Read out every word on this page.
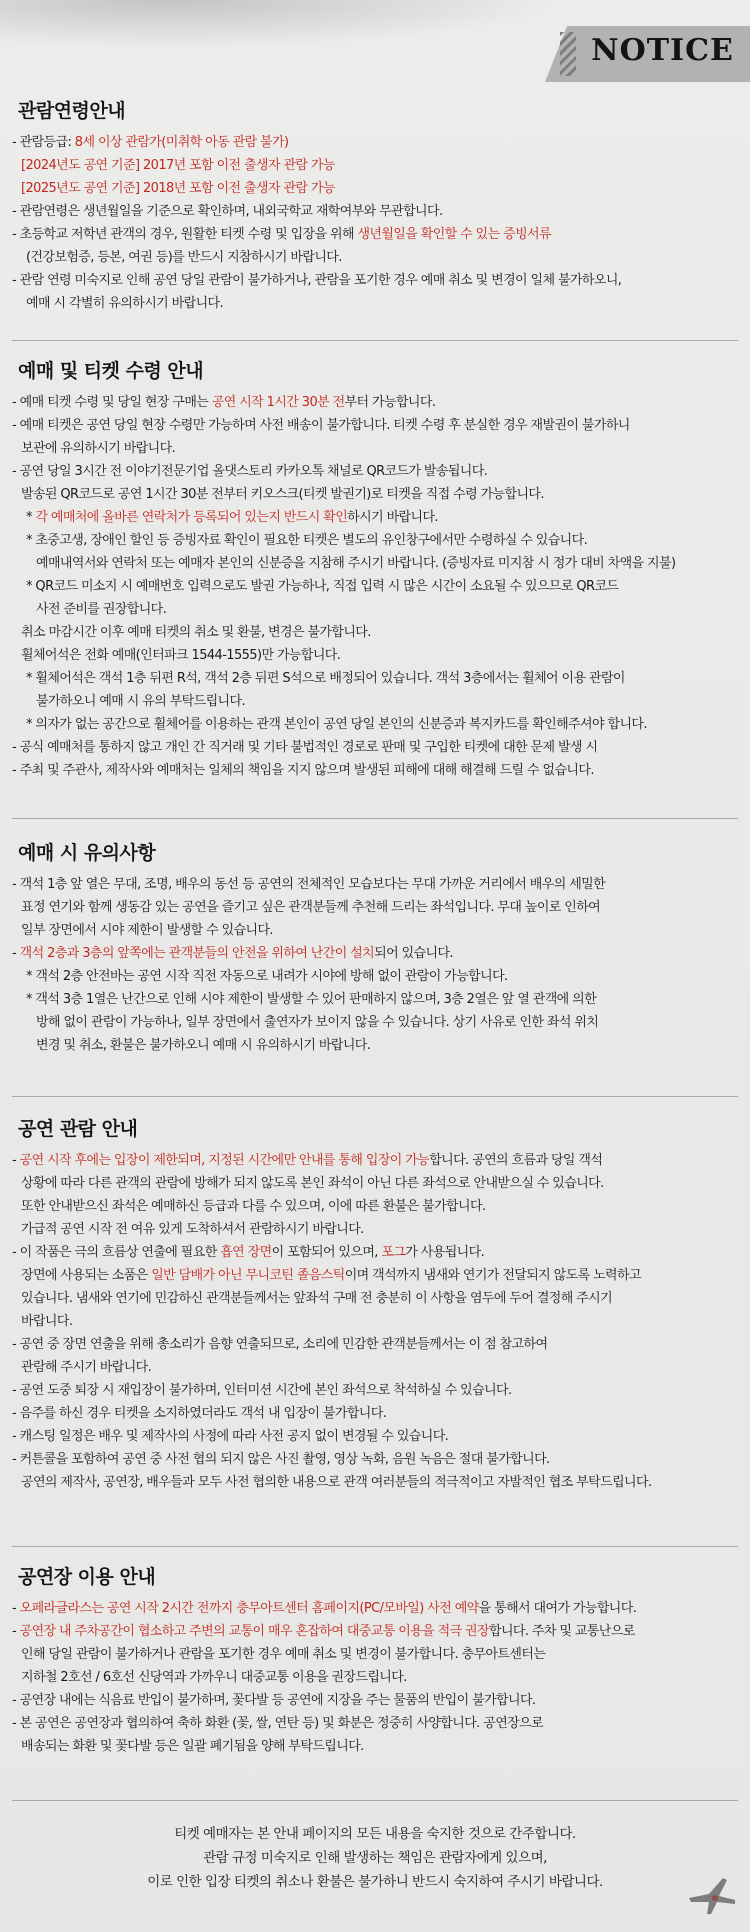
NOTICE
관람연령안내
- 관람등급: 8세 이상 관람가(미취학 아동 관람 불가)
[2024년도 공연 기준] 2017년 포함 이전 출생자 관람 가능
[2025년도 공연 기준] 2018년 포함 이전 출생자 관람 가능
- 관람연령은 생년월일을 기준으로 확인하며, 내외국학교 재학여부와 무관합니다.
- 초등학교 저학년 관객의 경우, 원활한 티켓 수령 및 입장을 위해 생년월일을 확인할 수 있는 증빙서류
(건강보험증, 등본, 여권 등)를 반드시 지참하시기 바랍니다.
- 관람 연령 미숙지로 인해 공연 당일 관람이 불가하거나, 관람을 포기한 경우 예매 취소 및 변경이 일체 불가하오니,
예매 시 각별히 유의하시기 바랍니다.
예매 및 티켓 수령 안내
- 예매 티켓 수령 및 당일 현장 구매는 공연 시작 1시간 30분 전부터 가능합니다.
- 예매 티켓은 공연 당일 현장 수령만 가능하며 사전 배송이 불가합니다. 티켓 수령 후 분실한 경우 재발권이 불가하니
보관에 유의하시기 바랍니다.
- 공연 당일 3시간 전 이야기전문기업 올댓스토리 카카오톡 채널로 QR코드가 발송됩니다.
발송된 QR코드로 공연 1시간 30분 전부터 키오스크(티켓 발권기)로 티켓을 직접 수령 가능합니다.
* 각 예매처에 올바른 연락처가 등록되어 있는지 반드시 확인하시기 바랍니다.
* 초중고생, 장애인 할인 등 증빙자료 확인이 필요한 티켓은 별도의 유인창구에서만 수령하실 수 있습니다.
예매내역서와 연락처 또는 예매자 본인의 신분증을 지참해 주시기 바랍니다. (증빙자료 미지참 시 정가 대비 차액을 지불)
* QR코드 미소지 시 예매번호 입력으로도 발권 가능하나, 직접 입력 시 많은 시간이 소요될 수 있으므로 QR코드
사전 준비를 권장합니다.
취소 마감시간 이후 예매 티켓의 취소 및 환불, 변경은 불가합니다.
휠체어석은 전화 예매(인터파크 1544-1555)만 가능합니다.
* 휠체어석은 객석 1층 뒤편 R석, 객석 2층 뒤편 S석으로 배정되어 있습니다. 객석 3층에서는 휠체어 이용 관람이
불가하오니 예매 시 유의 부탁드립니다.
* 의자가 없는 공간으로 휠체어를 이용하는 관객 본인이 공연 당일 본인의 신분증과 복지카드를 확인해주셔야 합니다.
- 공식 예매처를 통하지 않고 개인 간 직거래 및 기타 불법적인 경로로 판매 및 구입한 티켓에 대한 문제 발생 시
- 주최 및 주관사, 제작사와 예매처는 일체의 책임을 지지 않으며 발생된 피해에 대해 해결해 드릴 수 없습니다.
예매 시 유의사항
- 객석 1층 앞 열은 무대, 조명, 배우의 동선 등 공연의 전체적인 모습보다는 무대 가까운 거리에서 배우의 세밀한
표정 연기와 함께 생동감 있는 공연을 즐기고 싶은 관객분들께 추천해 드리는 좌석입니다. 무대 높이로 인하여
일부 장면에서 시야 제한이 발생할 수 있습니다.
- 객석 2층과 3층의 앞쪽에는 관객분들의 안전을 위하여 난간이 설치되어 있습니다.
* 객석 2층 안전바는 공연 시작 직전 자동으로 내려가 시야에 방해 없이 관람이 가능합니다.
* 객석 3층 1열은 난간으로 인해 시야 제한이 발생할 수 있어 판매하지 않으며, 3층 2열은 앞 열 관객에 의한
방해 없이 관람이 가능하나, 일부 장면에서 출연자가 보이지 않을 수 있습니다. 상기 사유로 인한 좌석 위치
변경 및 취소, 환불은 불가하오니 예매 시 유의하시기 바랍니다.
공연 관람 안내
- 공연 시작 후에는 입장이 제한되며, 지정된 시간에만 안내를 통해 입장이 가능합니다. 공연의 흐름과 당일 객석
상황에 따라 다른 관객의 관람에 방해가 되지 않도록 본인 좌석이 아닌 다른 좌석으로 안내받으실 수 있습니다.
또한 안내받으신 좌석은 예매하신 등급과 다를 수 있으며, 이에 따른 환불은 불가합니다.
가급적 공연 시작 전 여유 있게 도착하셔서 관람하시기 바랍니다.
- 이 작품은 극의 흐름상 연출에 필요한 흡연 장면이 포함되어 있으며, 포그가 사용됩니다.
장면에 사용되는 소품은 일반 담배가 아닌 무니코틴 졸음스틱이며 객석까지 냄새와 연기가 전달되지 않도록 노력하고
있습니다. 냄새와 연기에 민감하신 관객분들께서는 앞좌석 구매 전 충분히 이 사항을 염두에 두어 결정해 주시기
바랍니다.
- 공연 중 장면 연출을 위해 총소리가 음향 연출되므로, 소리에 민감한 관객분들께서는 이 점 참고하여
관람해 주시기 바랍니다.
- 공연 도중 퇴장 시 재입장이 불가하며, 인터미션 시간에 본인 좌석으로 착석하실 수 있습니다.
- 음주를 하신 경우 티켓을 소지하였더라도 객석 내 입장이 불가합니다.
- 캐스팅 일정은 배우 및 제작사의 사정에 따라 사전 공지 없이 변경될 수 있습니다.
- 커튼콜을 포함하여 공연 중 사전 협의 되지 않은 사진 촬영, 영상 녹화, 음원 녹음은 절대 불가합니다.
공연의 제작사, 공연장, 배우들과 모두 사전 협의한 내용으로 관객 여러분들의 적극적이고 자발적인 협조 부탁드립니다.
공연장 이용 안내
- 오페라글라스는 공연 시작 2시간 전까지 충무아트센터 홈페이지(PC/모바일) 사전 예약을 통해서 대여가 가능합니다.
- 공연장 내 주차공간이 협소하고 주변의 교통이 매우 혼잡하여 대중교통 이용을 적극 권장합니다. 주차 및 교통난으로
인해 당일 관람이 불가하거나 관람을 포기한 경우 예매 취소 및 변경이 불가합니다. 충무아트센터는
지하철 2호선 / 6호선 신당역과 가까우니 대중교통 이용을 권장드립니다.
- 공연장 내에는 식음료 반입이 불가하며, 꽃다발 등 공연에 지장을 주는 물품의 반입이 불가합니다.
- 본 공연은 공연장과 협의하여 축하 화환 (꽃, 쌀, 연탄 등) 및 화분은 정중히 사양합니다. 공연장으로
배송되는 화환 및 꽃다발 등은 일괄 폐기됨을 양해 부탁드립니다.
티켓 예매자는 본 안내 페이지의 모든 내용을 숙지한 것으로 간주합니다.
관람 규정 미숙지로 인해 발생하는 책임은 관람자에게 있으며,
이로 인한 입장 티켓의 취소나 환불은 불가하니 반드시 숙지하여 주시기 바랍니다.
